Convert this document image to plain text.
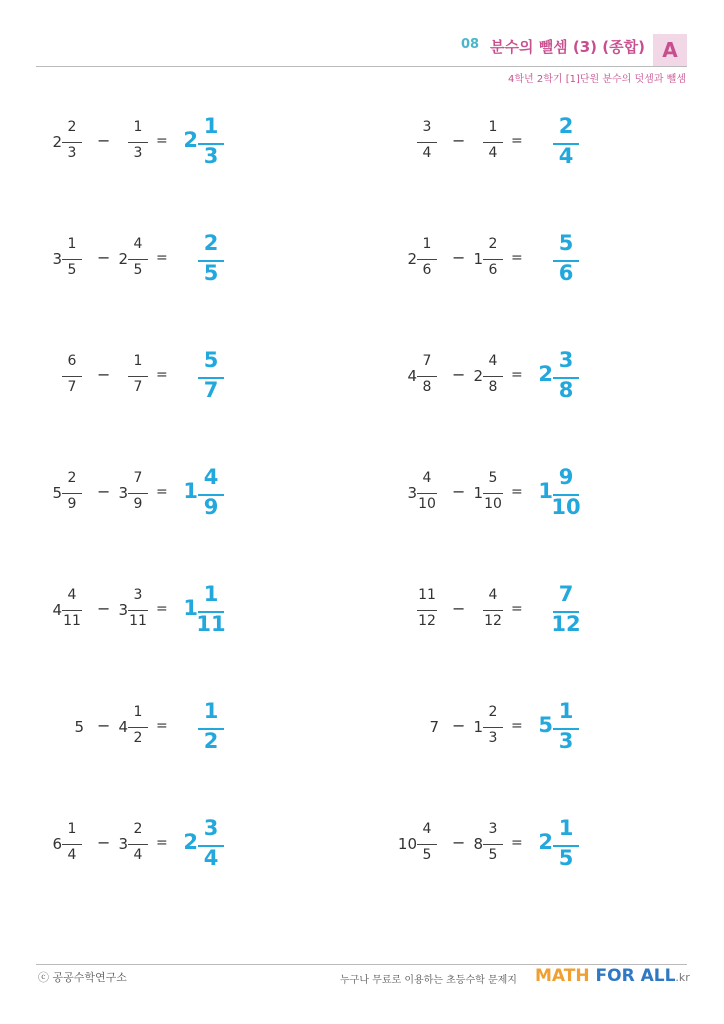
08 분수의 뺄셈 (3) (종합) A
4학년 2학기 [1]단원 분수의 덧셈과 뺄셈
2
2
3
−
1
3
= 2
1
3
3
4
−
1
4
=
2
4
3
1
5
− 2
4
5
=
2
5
2
1
6
− 1
2
6
=
5
6
6
7
−
1
7
=
5
7
4
7
8
− 2
4
8
= 2
3
8
5
2
9
− 3
7
9
= 1
4
9
3
4
10
− 1
5
10
= 1
9
10
4
4
11
− 3
3
11
= 1
1
11
11
12
−
4
12
=
7
12
5 − 4
1
2
=
1
2
7 − 1
2
3
= 5
1
3
6
1
4
− 3
2
4
= 2
3
4
10
4
5
− 8
3
5
= 2
1
5
ⓒ 공공수학연구소	누구나 무료로 이용하는 초등수학 문제지 MATH FOR ALL.kr
